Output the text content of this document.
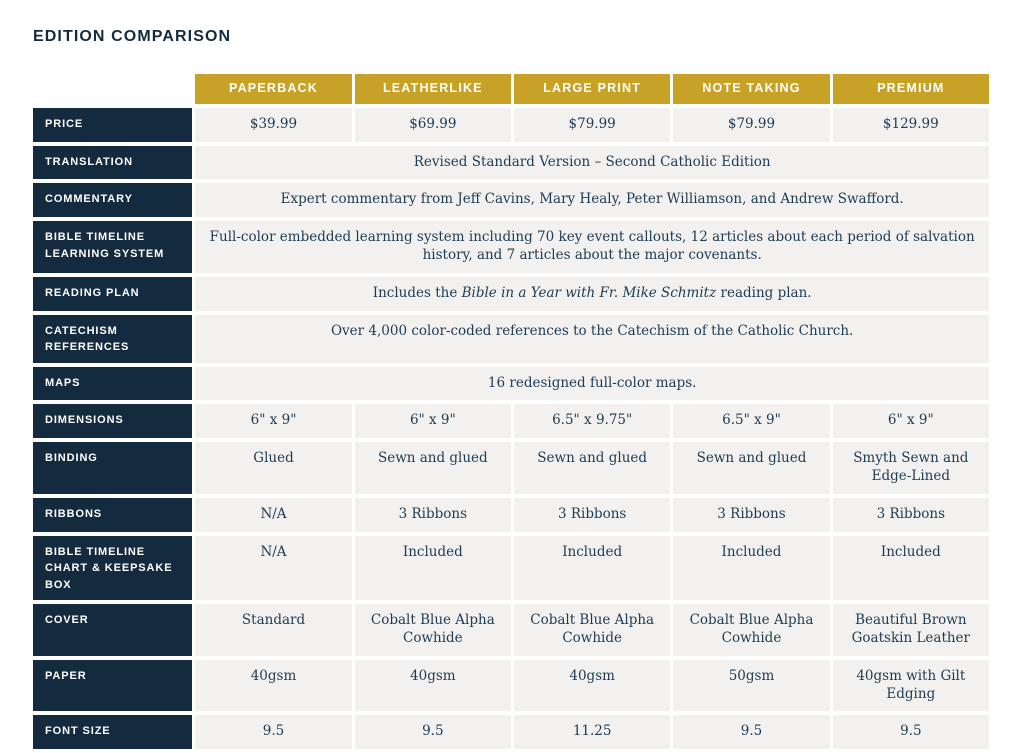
EDITION COMPARISON
	PAPERBACK	LEATHERLIKE	LARGE PRINT	NOTE TAKING	PREMIUM
PRICE	$39.99	$69.99	$79.99	$79.99	$129.99
TRANSLATION	Revised Standard Version – Second Catholic Edition				
COMMENTARY	Expert commentary from Jeff Cavins, Mary Healy, Peter Williamson, and Andrew Swafford.				
BIBLE TIMELINE LEARNING SYSTEM	Full-color embedded learning system including 70 key event callouts, 12 articles about each period of salvation history, and 7 articles about the major covenants.				
READING PLAN	Includes the Bible in a Year with Fr. Mike Schmitz reading plan.				
CATECHISM REFERENCES	Over 4,000 color-coded references to the Catechism of the Catholic Church.				
MAPS	16 redesigned full-color maps.				
DIMENSIONS	6" x 9"	6" x 9"	6.5" x 9.75"	6.5" x 9"	6" x 9"
BINDING	Glued	Sewn and glued	Sewn and glued	Sewn and glued	Smyth Sewn and Edge-Lined
RIBBONS	N/A	3 Ribbons	3 Ribbons	3 Ribbons	3 Ribbons
BIBLE TIMELINE CHART & KEEPSAKE BOX	N/A	Included	Included	Included	Included
COVER	Standard	Cobalt Blue Alpha Cowhide	Cobalt Blue Alpha Cowhide	Cobalt Blue Alpha Cowhide	Beautiful Brown Goatskin Leather
PAPER	40gsm	40gsm	40gsm	50gsm	40gsm with Gilt Edging
FONT SIZE	9.5	9.5	11.25	9.5	9.5
